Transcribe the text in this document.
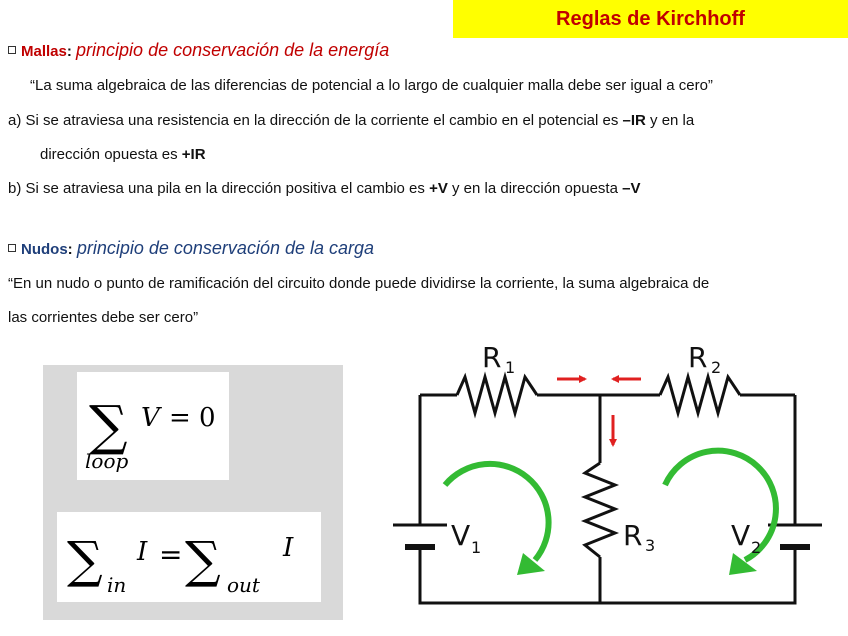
Reglas de Kirchhoff
Mallas: principio de conservación de la energía
“La suma algebraica de las diferencias de potencial a lo largo de cualquier malla debe ser igual a cero”
a) Si se atraviesa una resistencia en la dirección de la corriente el cambio en el potencial es –IR y en la
dirección opuesta es +IR
b) Si se atraviesa una pila en la dirección positiva el cambio es +V y en la dirección opuesta –V
Nudos: principio de conservación de la carga
“En un nudo o punto de ramificación del circuito donde puede dividirse la corriente, la suma algebraica de
las corrientes debe ser cero”
∑ V = 0
loop
∑ in
I = ∑ out
I
R 1	R 2
R 3
V 1	V 2
